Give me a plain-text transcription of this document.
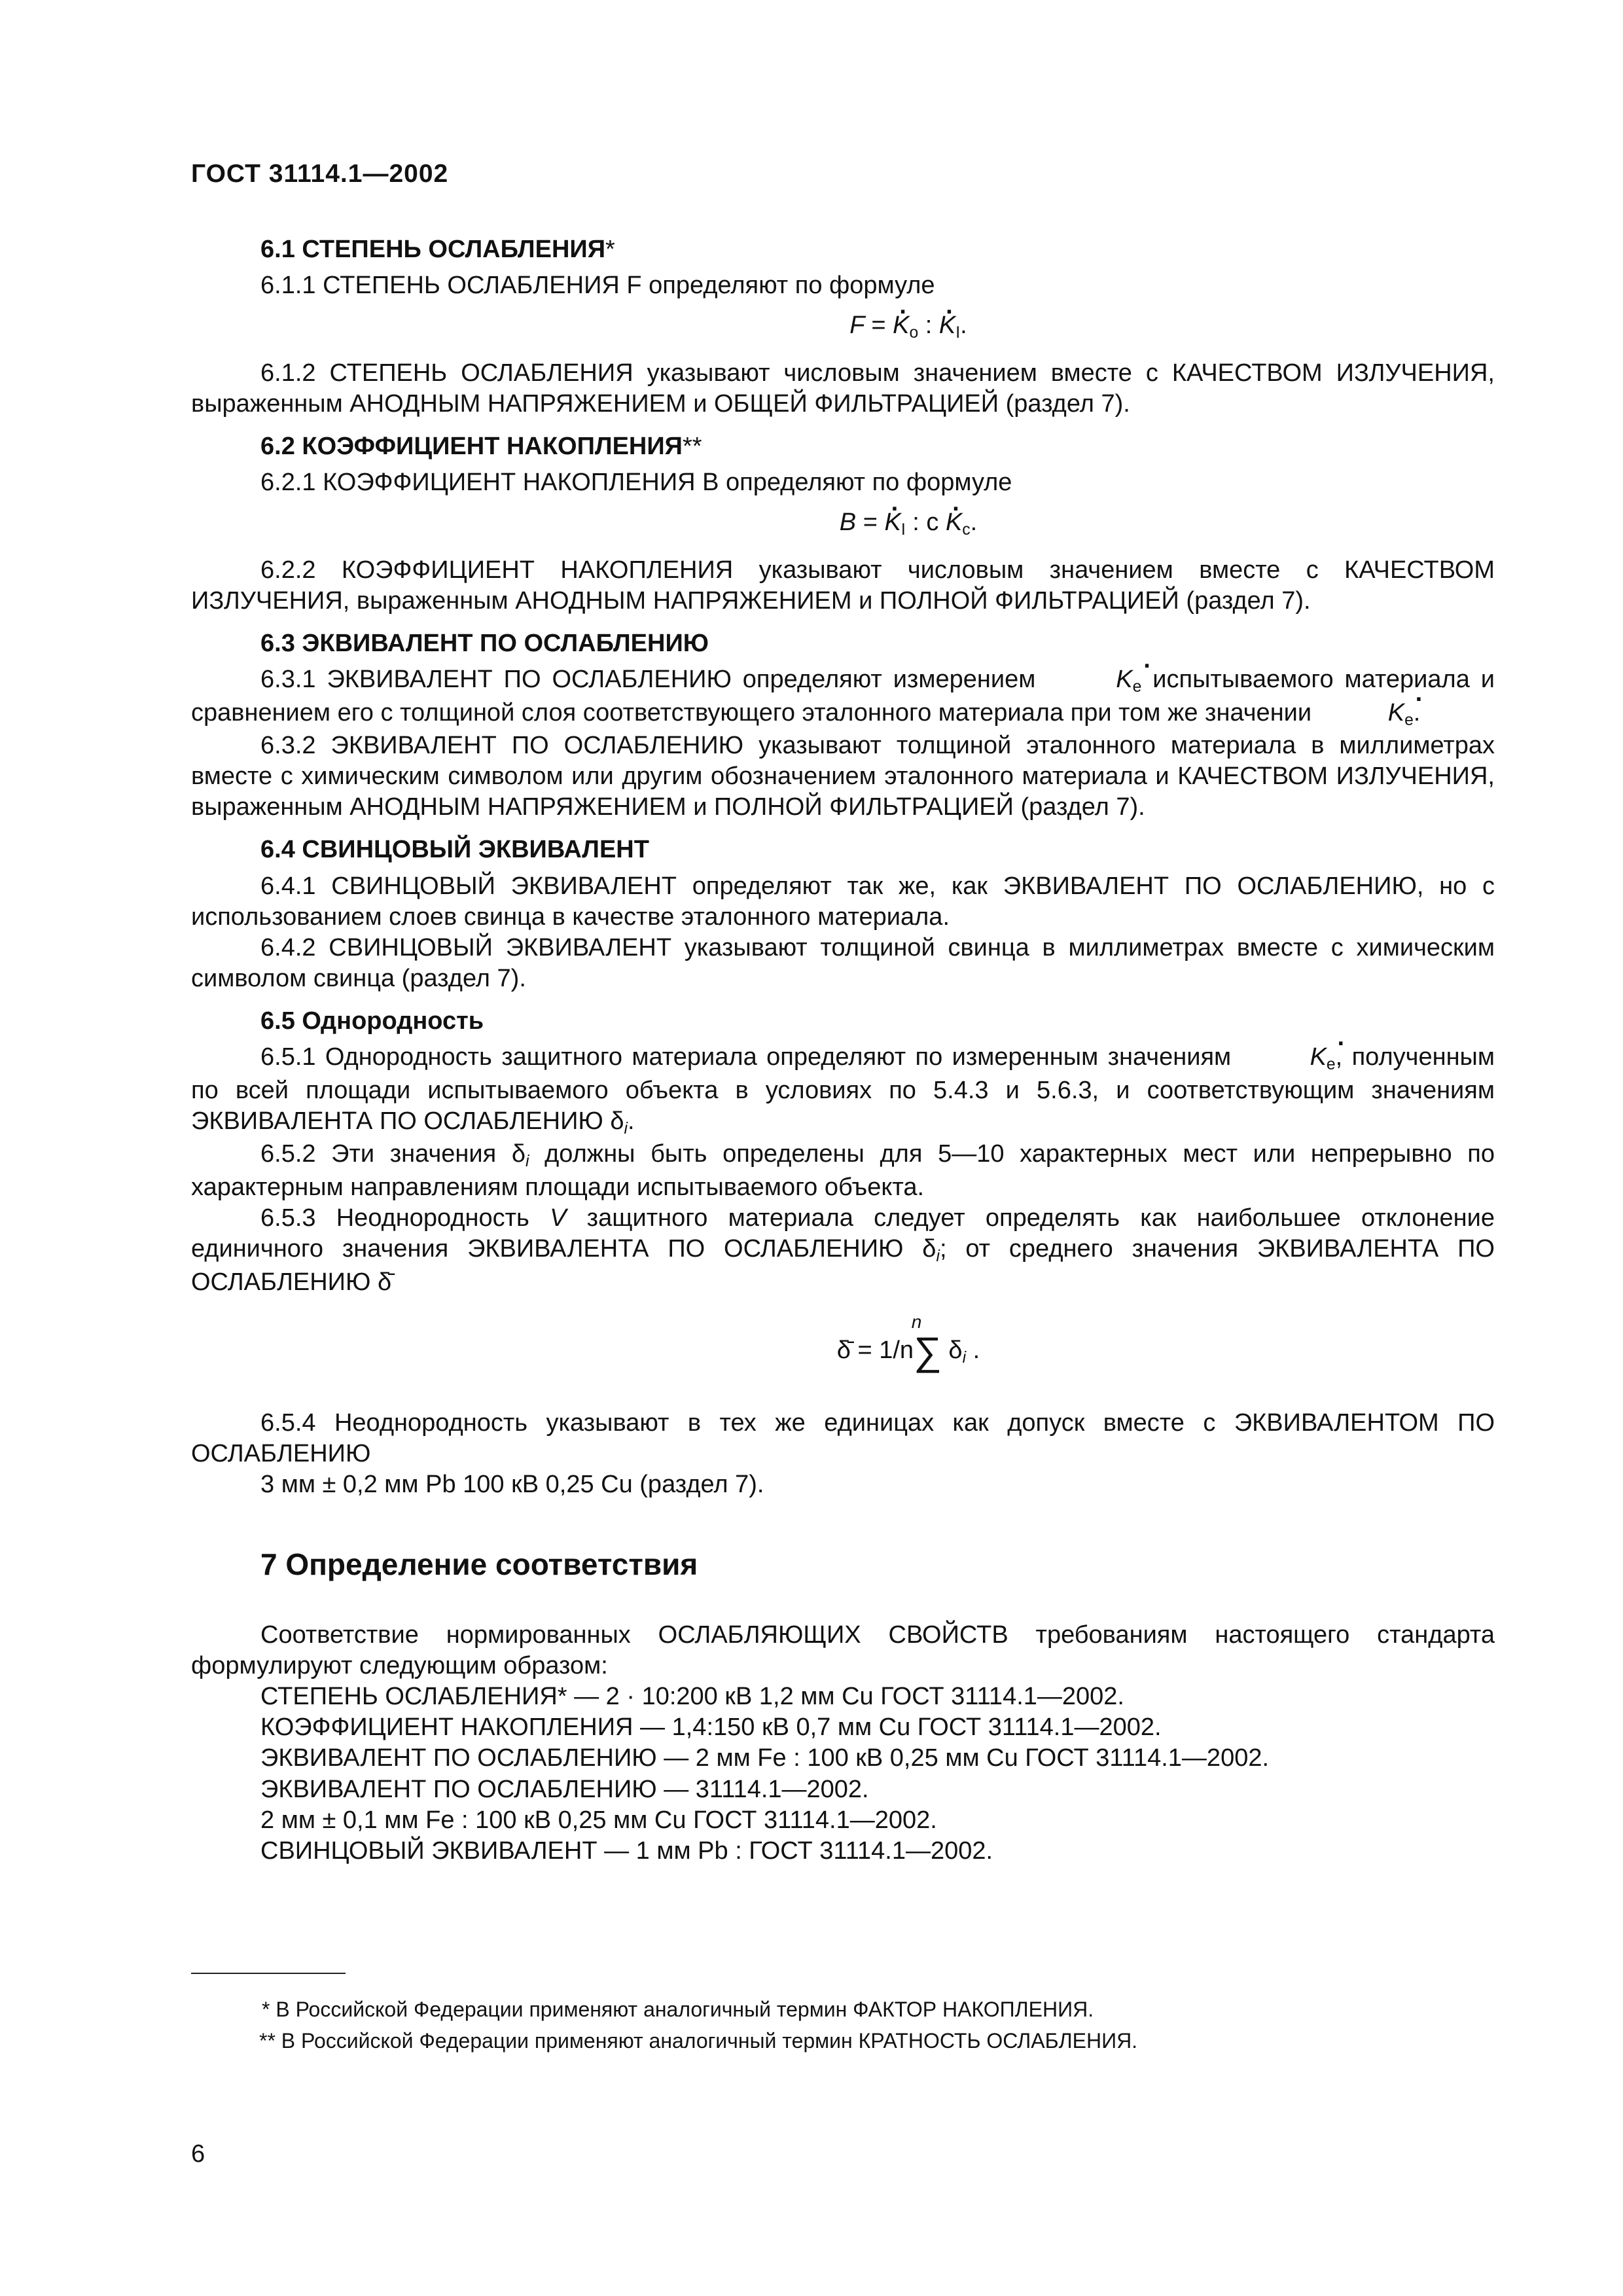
ГОСТ 31114.1—2002
6.1 СТЕПЕНЬ ОСЛАБЛЕНИЯ*

6.1.1 СТЕПЕНЬ ОСЛАБЛЕНИЯ F определяют по формуле

F = · $K_o$ : · $K_I$.

6.1.2 СТЕПЕНЬ ОСЛАБЛЕНИЯ указывают числовым значением вместе с КАЧЕСТВОМ ИЗЛУЧЕНИЯ, выраженным АНОДНЫМ НАПРЯЖЕНИЕМ и ОБЩЕЙ ФИЛЬТРАЦИЕЙ (раздел 7).

6.2 КОЭФФИЦИЕНТ НАКОПЛЕНИЯ**

6.2.1 КОЭФФИЦИЕНТ НАКОПЛЕНИЯ B определяют по формуле

B = · $K_I$ : $c \cdot K_c$.

6.2.2 КОЭФФИЦИЕНТ НАКОПЛЕНИЯ указывают числовым значением вместе с КАЧЕСТВОМ ИЗЛУЧЕНИЯ, выраженным АНОДНЫМ НАПРЯЖЕНИЕМ и ПОЛНОЙ ФИЛЬТРАЦИЕЙ (раздел 7).

6.3 ЭКВИВАЛЕНТ ПО ОСЛАБЛЕНИЮ

6.3.1 ЭКВИВАЛЕНТ ПО ОСЛАБЛЕНИЮ определяют измерением	· $K_e$ испытываемого материала и сравнением его с толщиной слоя соответствующего эталонного материала при том же значении	· $K_e$.

6.3.2 ЭКВИВАЛЕНТ ПО ОСЛАБЛЕНИЮ указывают толщиной эталонного материала в миллиметрах вместе с химическим символом или другим обозначением эталонного материала и КАЧЕСТВОМ ИЗЛУЧЕНИЯ, выраженным АНОДНЫМ НАПРЯЖЕНИЕМ и ПОЛНОЙ ФИЛЬТРАЦИЕЙ (раздел 7).

6.4 СВИНЦОВЫЙ ЭКВИВАЛЕНТ

6.4.1 СВИНЦОВЫЙ ЭКВИВАЛЕНТ определяют так же, как ЭКВИВАЛЕНТ ПО ОСЛАБЛЕНИЮ, но с использованием слоев свинца в качестве эталонного материала.

6.4.2 СВИНЦОВЫЙ ЭКВИВАЛЕНТ указывают толщиной свинца в миллиметрах вместе с химическим символом свинца (раздел 7).

6.5 Однородность

6.5.1 Однородность защитного материала определяют по измеренным значениям	· $K_e$, полученным по всей площади испытываемого объекта в условиях по 5.4.3 и 5.6.3, и соответствующим значениям ЭКВИВАЛЕНТА ПО ОСЛАБЛЕНИЮ $\delta_i$.

6.5.2 Эти значения $\delta_i$ должны быть определены для 5—10 характерных мест или непрерывно по характерным направлениям площади испытываемого объекта.

6.5.3 Неоднородность V защитного материала следует определять как наибольшее отклонение единичного значения ЭКВИВАЛЕНТА ПО ОСЛАБЛЕНИЮ $\delta_i$; от среднего значения ЭКВИВАЛЕНТА ПО ОСЛАБЛЕНИЮ δ̄

δ̄ = 1/n∑
n
$\delta_i$ .

6.5.4 Неоднородность указывают в тех же единицах как допуск вместе с ЭКВИВАЛЕНТОМ ПО ОСЛАБЛЕНИЮ

3 мм ± 0,2 мм Pb 100 кВ 0,25 Cu (раздел 7).

7 Определение соответствия

Соответствие нормированных ОСЛАБЛЯЮЩИХ СВОЙСТВ требованиям настоящего стандарта формулируют следующим образом:

СТЕПЕНЬ ОСЛАБЛЕНИЯ* — 2 · 10:200 кВ 1,2 мм Cu ГОСТ 31114.1—2002.

КОЭФФИЦИЕНТ НАКОПЛЕНИЯ — 1,4:150 кВ 0,7 мм Cu ГОСТ 31114.1—2002.

ЭКВИВАЛЕНТ ПО ОСЛАБЛЕНИЮ — 2 мм Fe : 100 кВ 0,25 мм Cu ГОСТ 31114.1—2002.

ЭКВИВАЛЕНТ ПО ОСЛАБЛЕНИЮ — 31114.1—2002.

2 мм ± 0,1 мм Fe : 100 кВ 0,25 мм Cu ГОСТ 31114.1—2002.

СВИНЦОВЫЙ ЭКВИВАЛЕНТ — 1 мм Pb : ГОСТ 31114.1—2002.

* В Российской Федерации применяют аналогичный термин ФАКТОР НАКОПЛЕНИЯ.
** В Российской Федерации применяют аналогичный термин КРАТНОСТЬ ОСЛАБЛЕНИЯ.
6
